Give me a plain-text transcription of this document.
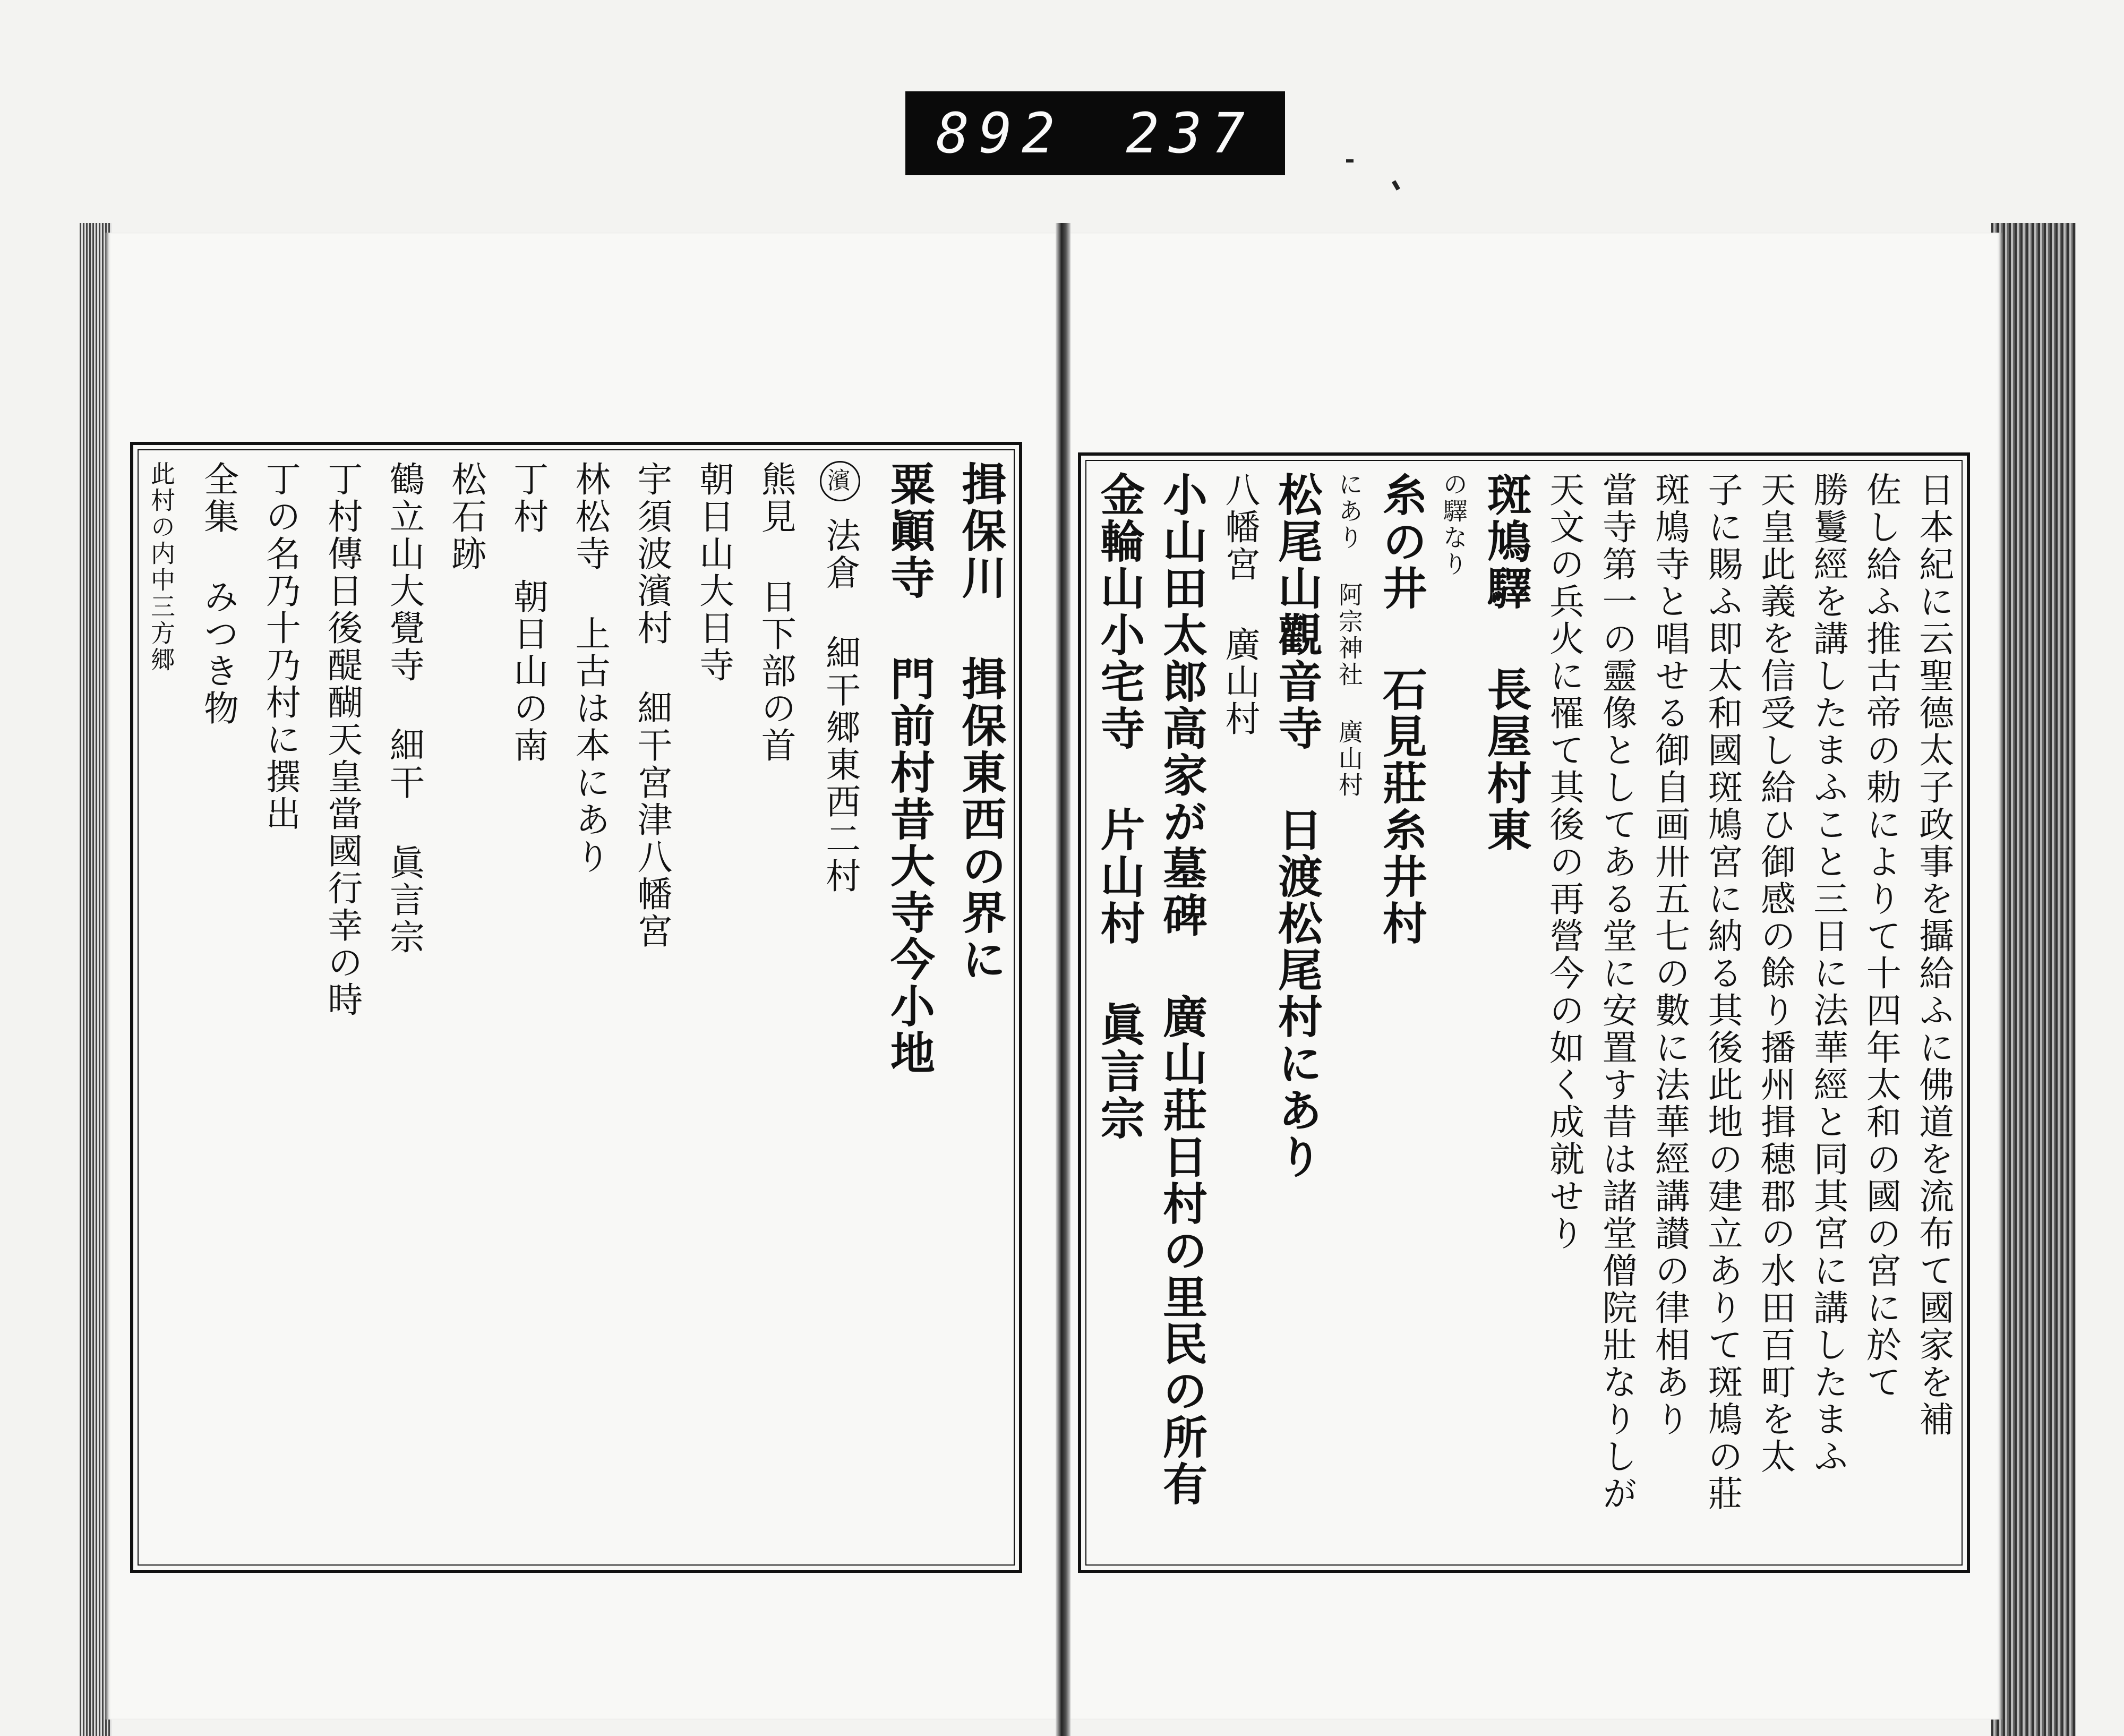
892 237
揖保川 揖保東西の界に
粟顚寺 門前村昔大寺今小地
濱法倉 細干郷東西二村
熊見 日下部の首
朝日山大日寺
宇須波濱村 細干宮津八幡宮
林松寺 上古は本にあり
丁村 朝日山の南
松石跡
鶴立山大覺寺 細干 眞言宗
丁村傳日後醍醐天皇當國行幸の時
丁の名乃十乃村に撰出
全集 みつき物
此村の内中三方郷	日本紀に云聖德太子政事を攝給ふに佛道を流布て國家を補
佐し給ふ推古帝の勅によりて十四年太和の國の宮に於て
勝鬘經を講したまふこと三日に法華經と同其宮に講したまふ
天皇此義を信受し給ひ御感の餘り播州揖穂郡の水田百町を太
子に賜ふ即太和國斑鳩宮に納る其後此地の建立ありて斑鳩の莊
斑鳩寺と唱せる御自画卅五七の數に法華經講讃の律相あり
當寺第一の靈像としてある堂に安置す昔は諸堂僧院壯なりしが
天文の兵火に罹て其後の再營今の如く成就せり
斑鳩驛 長屋村東
の驛なり
糸の井 石見莊糸井村
にあり 阿宗神社 廣山村
松尾山觀音寺 日渡松尾村にあり
八幡宮 廣山村
小山田太郎高家が墓碑 廣山莊日村の里民の所有
金輪山小宅寺 片山村 眞言宗
